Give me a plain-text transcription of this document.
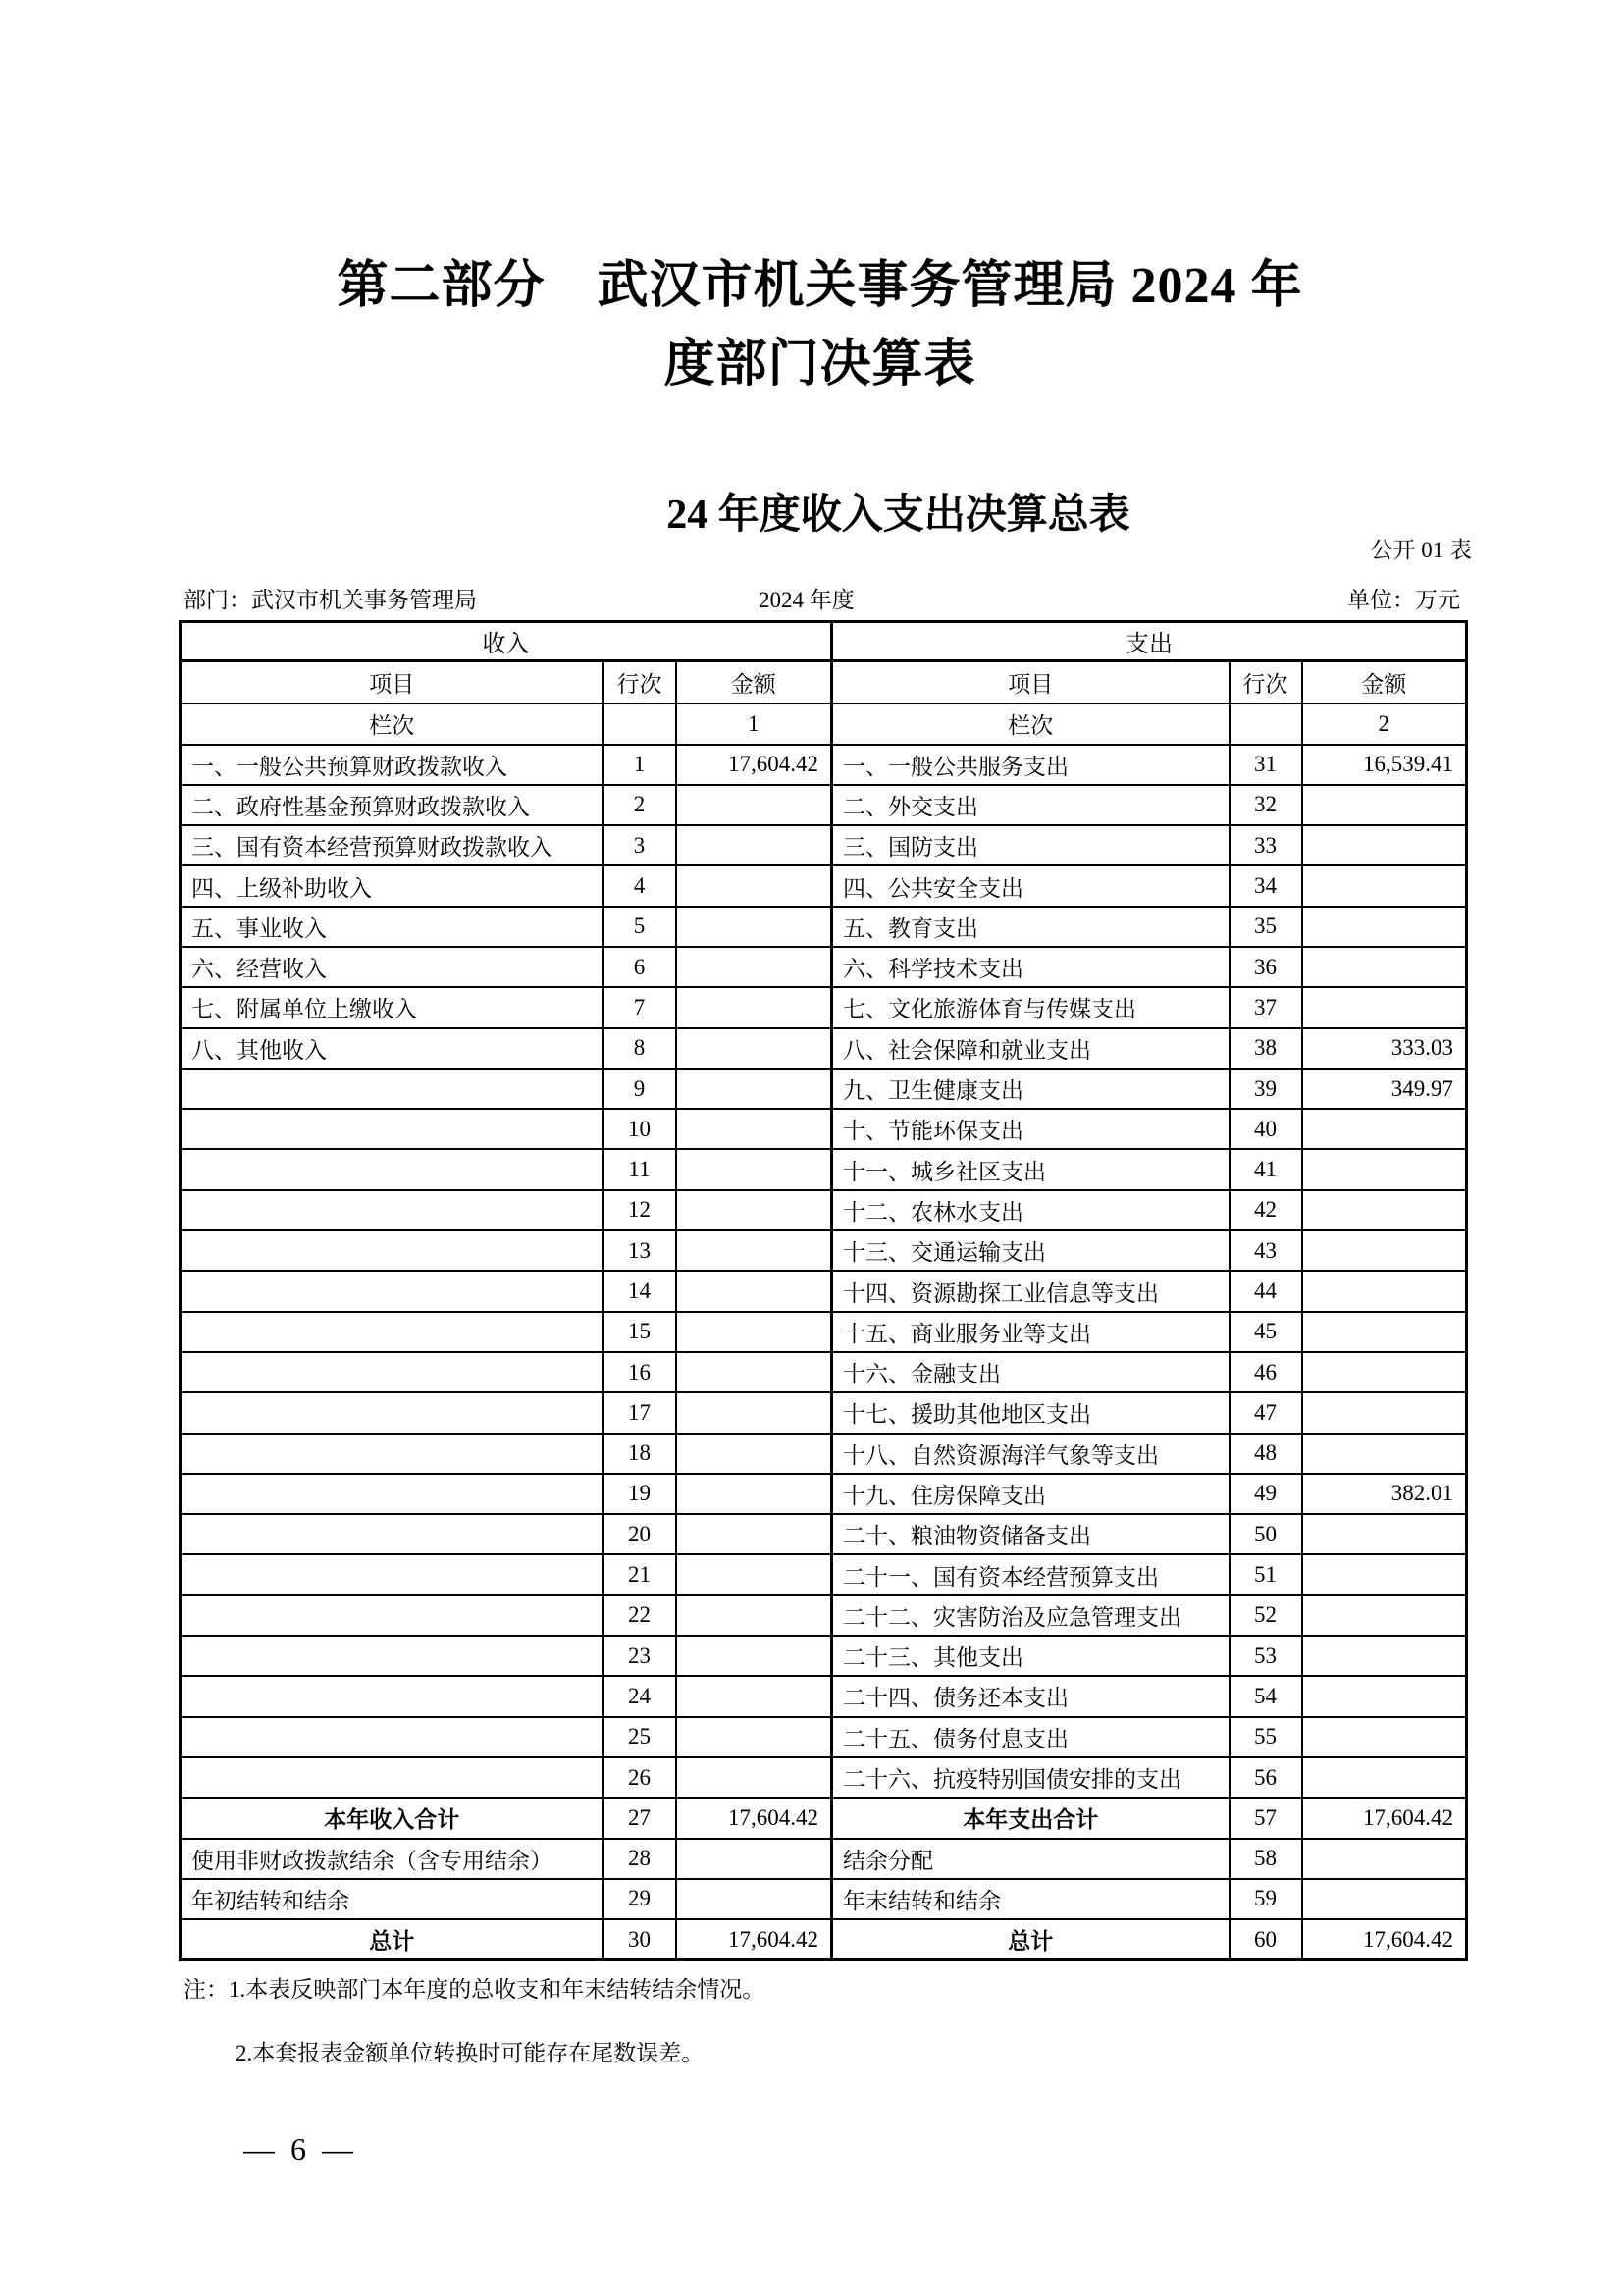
第二部分　武汉市机关事务管理局 2024 年
度部门决算表
24 年度收入支出决算总表
公开 01 表
部门：武汉市机关事务管理局	2024 年度	单位：万元
收入			支出		
项目	行次	金额	项目	行次	金额
栏次		1	栏次		2
一、一般公共预算财政拨款收入	1	17,604.42	一、一般公共服务支出	31	16,539.41
二、政府性基金预算财政拨款收入	2		二、外交支出	32	
三、国有资本经营预算财政拨款收入	3		三、国防支出	33	
四、上级补助收入	4		四、公共安全支出	34	
五、事业收入	5		五、教育支出	35	
六、经营收入	6		六、科学技术支出	36	
七、附属单位上缴收入	7		七、文化旅游体育与传媒支出	37	
八、其他收入	8		八、社会保障和就业支出	38	333.03
	9		九、卫生健康支出	39	349.97
	10		十、节能环保支出	40	
	11		十一、城乡社区支出	41	
	12		十二、农林水支出	42	
	13		十三、交通运输支出	43	
	14		十四、资源勘探工业信息等支出	44	
	15		十五、商业服务业等支出	45	
	16		十六、金融支出	46	
	17		十七、援助其他地区支出	47	
	18		十八、自然资源海洋气象等支出	48	
	19		十九、住房保障支出	49	382.01
	20		二十、粮油物资储备支出	50	
	21		二十一、国有资本经营预算支出	51	
	22		二十二、灾害防治及应急管理支出	52	
	23		二十三、其他支出	53	
	24		二十四、债务还本支出	54	
	25		二十五、债务付息支出	55	
	26		二十六、抗疫特别国债安排的支出	56	
本年收入合计	27	17,604.42	本年支出合计	57	17,604.42
使用非财政拨款结余（含专用结余）	28		结余分配	58	
年初结转和结余	29		年末结转和结余	59	
总计	30	17,604.42	总计	60	17,604.42
注：1.本表反映部门本年度的总收支和年末结转结余情况。
2.本套报表金额单位转换时可能存在尾数误差。
— 6 —
